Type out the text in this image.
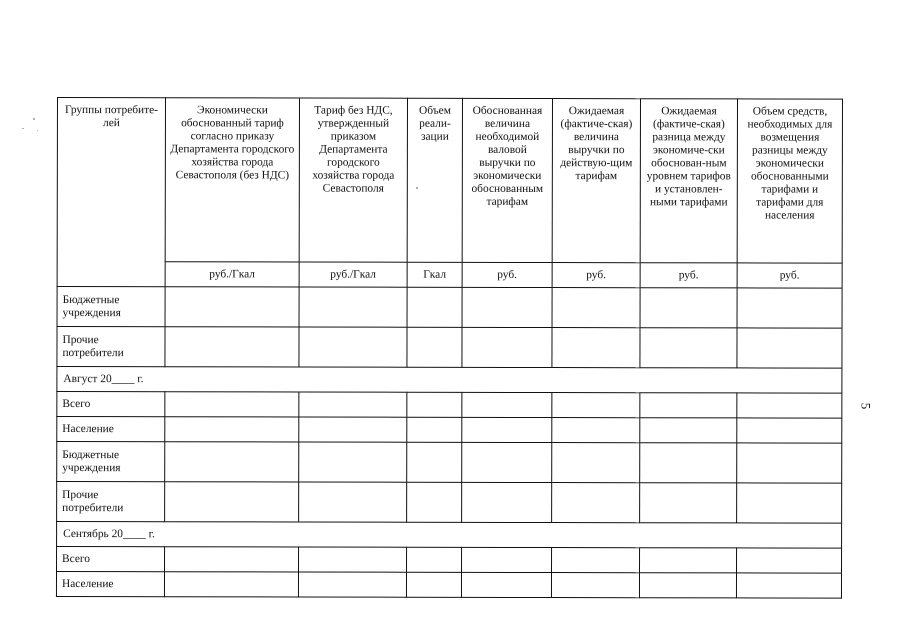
Группы потребите-лей	Экономически обоснованный тариф согласно приказу Департамента городского хозяйства города Севастополя (без НДС)	Тариф без НДС, утвержденный приказом Департамента городского хозяйства города Севастополя	Объем реали-зации	Обоснованная величина необходимой валовой выручки по экономически обоснованным тарифам	Ожидаемая (фактиче-ская) величина выручки по действую-щим тарифам	Ожидаемая (фактиче-ская) разница между экономиче-ски обоснован-ным уровнем тарифов и установлен-ными тарифами	Объем средств, необходимых для возмещения разницы между экономически обоснованными тарифами и тарифами для населения
	руб./Гкал	руб./Гкал	Гкал	руб.	руб.	руб.	руб.
Бюджетные учреждения							
Прочие потребители							
Август 20____ г.							
Всего							
Население							
Бюджетные учреждения							
Прочие потребители							
Сентябрь 20____ г.							
Всего							
Население							
5
